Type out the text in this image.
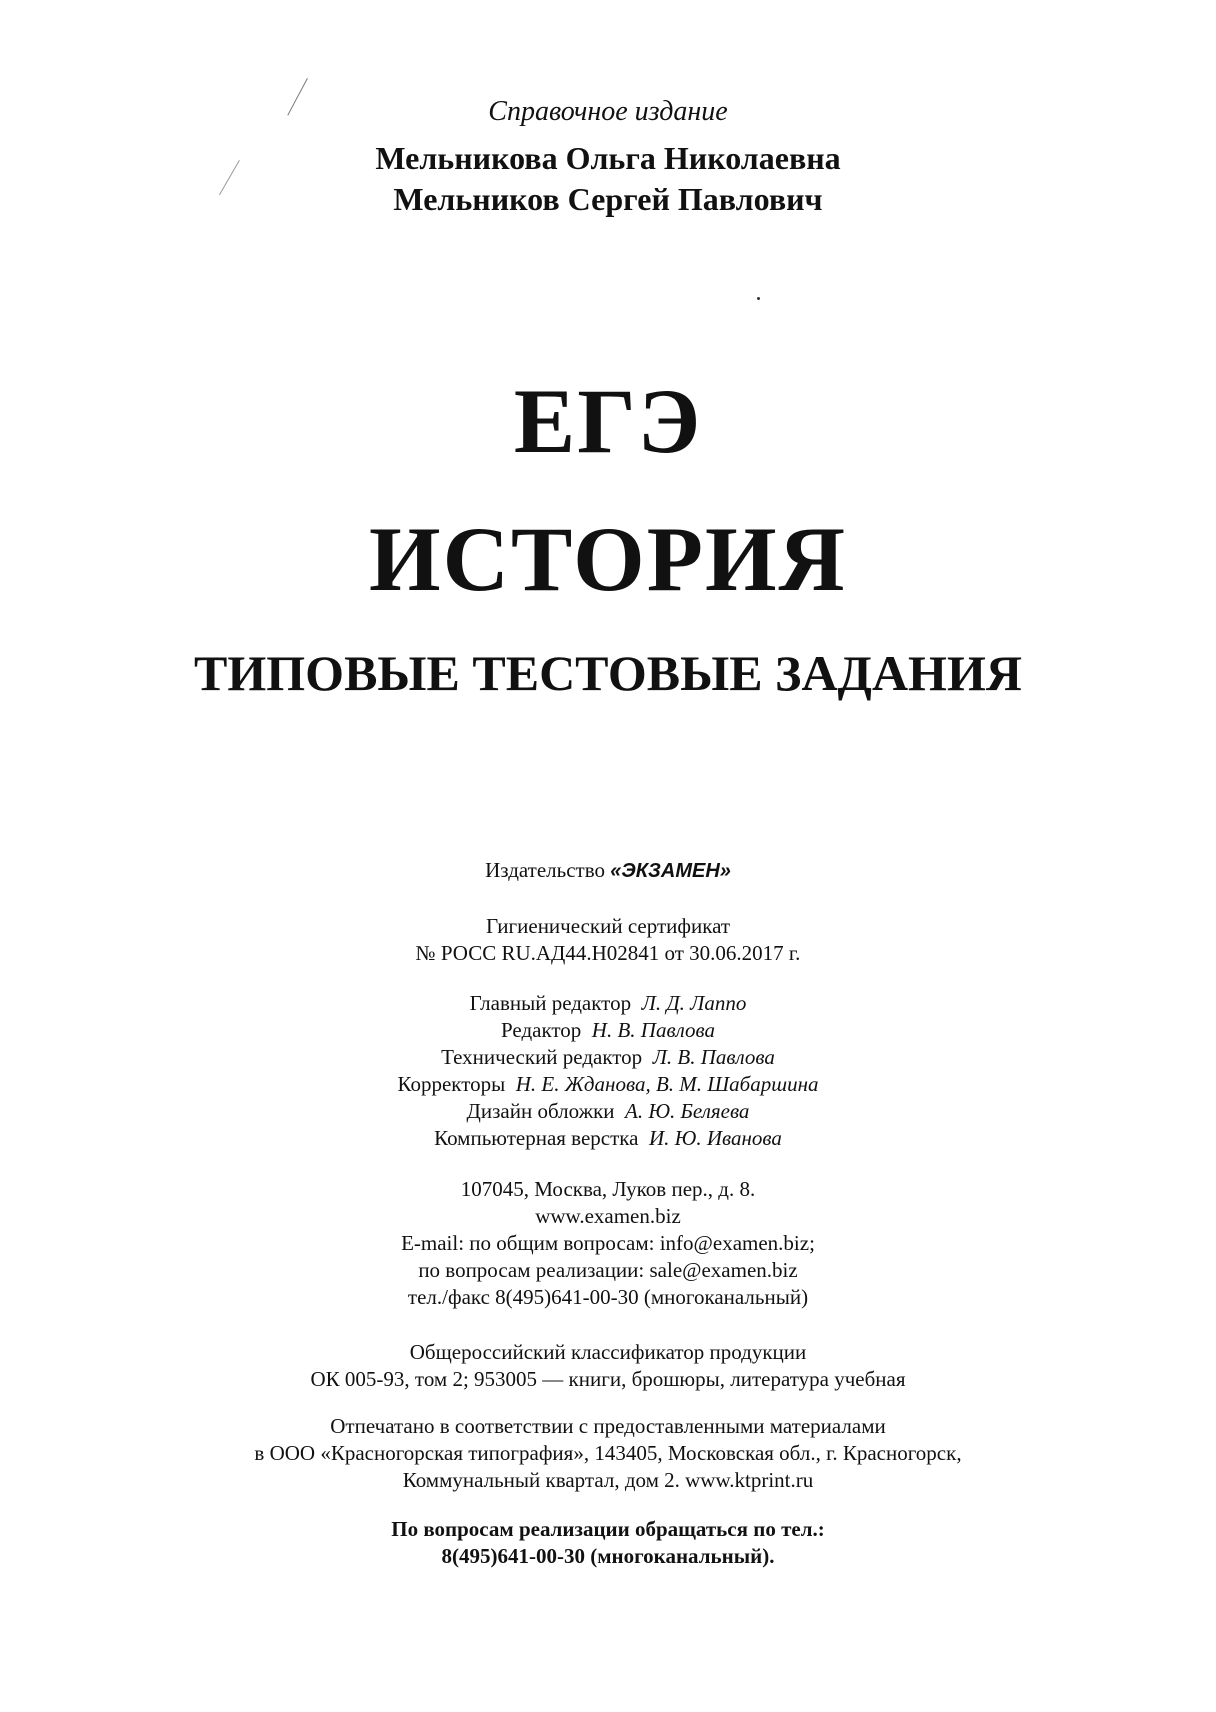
Справочное издание
Мельникова Ольга Николаевна
Мельников Сергей Павлович
ЕГЭ
ИСТОРИЯ
ТИПОВЫЕ ТЕСТОВЫЕ ЗАДАНИЯ
Издательство «ЭКЗАМЕН»
Гигиенический сертификат
№ РОСС RU.АД44.Н02841 от 30.06.2017 г.
Главный редактор Л. Д. Лаппо
Редактор Н. В. Павлова
Технический редактор Л. В. Павлова
Корректоры Н. Е. Жданова, В. М. Шабаршина
Дизайн обложки А. Ю. Беляева
Компьютерная верстка И. Ю. Иванова
107045, Москва, Луков пер., д. 8.
www.examen.biz
E-mail: по общим вопросам: info@examen.biz;
по вопросам реализации: sale@examen.biz
тел./факс 8(495)641-00-30 (многоканальный)
Общероссийский классификатор продукции
ОК 005-93, том 2; 953005 — книги, брошюры, литература учебная
Отпечатано в соответствии с предоставленными материалами
в ООО «Красногорская типография», 143405, Московская обл., г. Красногорск,
Коммунальный квартал, дом 2. www.ktprint.ru
По вопросам реализации обращаться по тел.:
8(495)641-00-30 (многоканальный).
